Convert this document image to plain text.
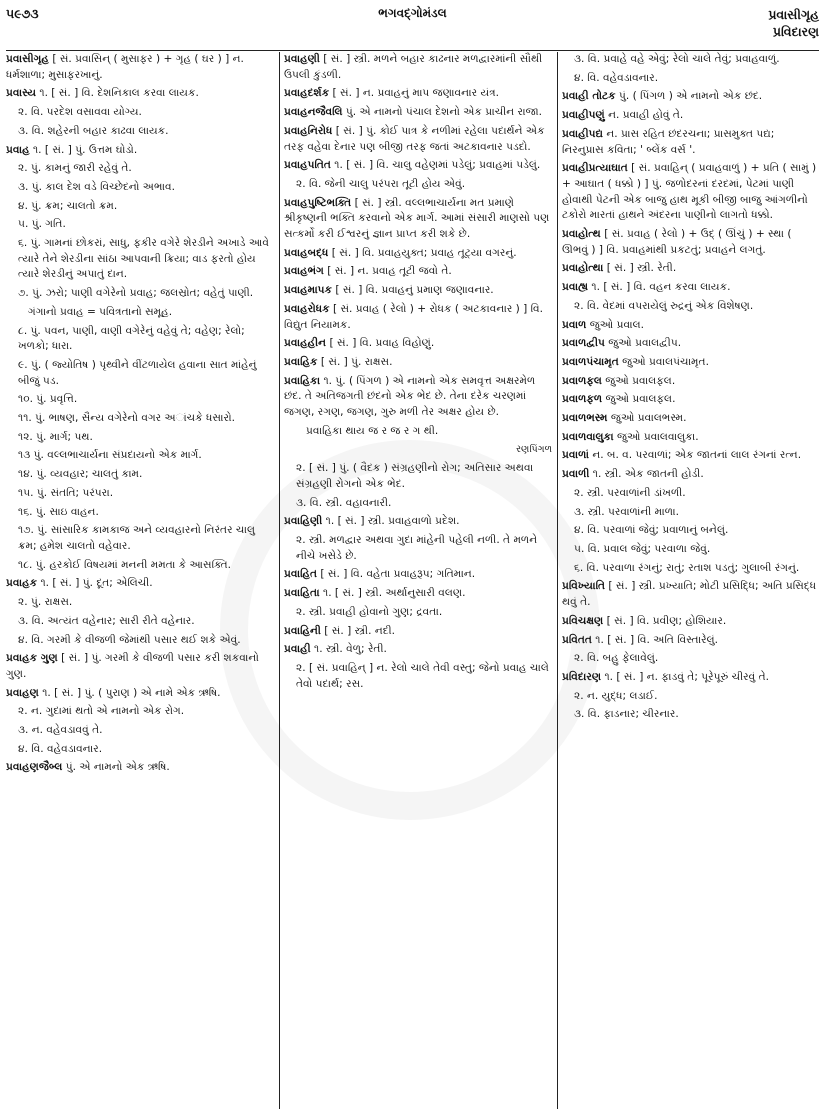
૫૯૭૩	ભગવદ્ગોમંડલ	પ્રવાસીગૃહ
પ્રવિદારણ
પ્રવાસીગૃહ [ સં. પ્રવાસિન્ ( મુસાફર ) + ગૃહ ( ઘર ) ] ન. ધર્મશાળા; મુસાફરખાનું.
પ્રવાસ્ય ૧. [ સં. ] વિ. દેશનિકાલ કરવા લાયક.
૨. વિ. પરદેશ વસાવવા યોગ્ય.
૩. વિ. શહેરની બહાર કાઢવા લાયક.
પ્રવાહ ૧. [ સં. ] પું. ઉત્તમ ઘોડો.
૨. પું. કામનું જારી રહેવું તે.
૩. પું. કાલ દેશ વડે વિચ્છેદનો અભાવ.
૪. પું. ક્રમ; ચાલતો ક્રમ.
૫. પું. ગતિ.
૬. પું. ગામનાં છોકરાં, સાધુ, ફકીર વગેરે શેરડીને અખાડે આવે ત્યારે તેને શેરડીના સાંઠા આપવાની ક્રિયા; વાડ ફરતો હોય ત્યારે શેરડીનું અપાતું દાન.
૭. પું. ઝરો; પાણી વગેરેનો પ્રવાહ; જલસ્રોત; વહેતું પાણી.
ગંગાનો પ્રવાહ = પવિત્રતાનો સમૂહ.
૮. પું. પવન, પાણી, વાણી વગેરેનું વહેવું તે; વહેણ; રેલો; ખળકો; ધારા.
૯. પું. ( જ્યોતિષ ) પૃથ્વીને વીંટળાયેલ હવાના સાત માંહેનું બીજું પડ.
૧૦. પું. પ્રવૃત્તિ.
૧૧. પું. ભાષણ, સૈન્ય વગેરેનો વગર અાંચકે ધસારો.
૧૨. પું. માર્ગ; પથ.
૧૩ પું. વલ્લભાચાર્યના સંપ્રદાયનો એક માર્ગ.
૧૪. પું. વ્યવહાર; ચાલતું કામ.
૧૫. પું. સંતતિ; પરંપરા.
૧૬. પું. સાઇ વાહન.
૧૭. પું. સાંસારિક કામકાજ અને વ્યવહારનો નિરંતર ચાલુ ક્રમ; હમેશ ચાલતો વહેવાર.
૧૮. પું. હરકોઈ વિષયમાં મનની મમતા કે આસક્તિ.
પ્રવાહક ૧. [ સં. ] પું. દૂત; એલિચી.
૨. પું. રાક્ષસ.
૩. વિ. અત્યંત વહેનાર; સારી રીતે વહેનાર.
૪. વિ. ગરમી કે વીજળી જેમાંથી પસાર થઈ શકે એવું.
પ્રવાહક ગુણ [ સં. ] પું. ગરમી કે વીજળી પસાર કરી શકવાનો ગુણ.
પ્રવાહણ ૧. [ સં. ] પું. ( પુરાણ ) એ નામે એક ઋષિ.
૨. ન. ગુદામાં થતો એ નામનો એક રોગ.
૩. ન. વહેવડાવવું તે.
૪. વિ. વહેવડાવનાર.
પ્રવાહણજૈબ્લ પું. એ નામનો એક ઋષિ.
પ્રવાહણી [ સં. ] સ્ત્રી. મળને બહાર કાઢનાર મળદ્વારમાંની સૌથી ઉપલી કુંડળી.
પ્રવાહદર્શક [ સં. ] ન. પ્રવાહનું માપ જણાવનાર યંત્ર.
પ્રવાહનજૈવલિ પું. એ નામનો પંચાલ દેશનો એક પ્રાચીન રાજા.
પ્રવાહનિરોધ [ સં. ] પું. કોઈ પાત્ર કે નળીમાં રહેલા પદાર્થને એક તરફ વહેવા દેનાર પણ બીજી તરફ જતાં અટકાવનાર પડદો.
પ્રવાહપતિત ૧. [ સં. ] વિ. ચાલુ વહેણમાં પડેલું; પ્રવાહમાં પડેલું.
૨. વિ. જેની ચાલુ પરંપરા તૂટી હોય એવું.
પ્રવાહપુષ્ટિભક્તિ [ સં. ] સ્ત્રી. વલ્લભાચાર્યના મત પ્રમાણે શ્રીકૃષ્ણની ભક્તિ કરવાનો એક માર્ગ. આમાં સંસારી માણસો પણ સત્કર્મો કરી ઈશ્વરનું જ્ઞાન પ્રાપ્ત કરી શકે છે.
પ્રવાહબદ્ધ [ સં. ] વિ. પ્રવાહયુક્ત; પ્રવાહ તૂટ્યા વગરનું.
પ્રવાહભંગ [ સં. ] ન. પ્રવાહ તૂટી જવો તે.
પ્રવાહમાપક [ સં. ] વિ. પ્રવાહનું પ્રમાણ જણાવનાર.
પ્રવાહરોધક [ સં. પ્રવાહ ( રેલો ) + રોધક ( અટકાવનાર ) ] વિ. વિદ્યુત નિયામક.
પ્રવાહહીન [ સં. ] વિ. પ્રવાહ વિહોણું.
પ્રવાહિક [ સં. ] પું. રાક્ષસ.
પ્રવાહિકા ૧. પું. ( પિંગળ ) એ નામનો એક સમવૃત્ત અક્ષરમેળ છંદ. તે અતિજગતી છંદનો એક ભેદ છે. તેના દરેક ચરણમાં જગણ, રગણ, જગણ, ગુરુ મળી તેર અક્ષર હોય છે.
પ્રવાહિકા થાય જ ર જ ર ગ થી.
રણપિંગળ
૨. [ સં. ] પું. ( વૈદક ) સંગ્રહણીનો રોગ; અતિસાર અથવા સંગ્રહણી રોગનો એક ભેદ.
૩. વિ. સ્ત્રી. વહાવનારી.
પ્રવાહિણી ૧. [ સં. ] સ્ત્રી. પ્રવાહવાળો પ્રદેશ.
૨. સ્ત્રી. મળદ્વાર અથવા ગુદા માંહેની પહેલી નળી. તે મળને નીચે ખસેડે છે.
પ્રવાહિત [ સં. ] વિ. વહેતા પ્રવાહરૂપ; ગતિમાન.
પ્રવાહિતા ૧. [ સં. ] સ્ત્રી. અર્થાનુસારી વલણ.
૨. સ્ત્રી. પ્રવાહી હોવાનો ગુણ; દ્રવતા.
પ્રવાહિની [ સં. ] સ્ત્રી. નદી.
પ્રવાહી ૧. સ્ત્રી. વેળુ; રેતી.
૨. [ સં. પ્રવાહિન્ ] ન. રેલો ચાલે તેવી વસ્તુ; જેનો પ્રવાહ ચાલે તેવો પદાર્થ; રસ.
૩. વિ. પ્રવાહે વહે એવું; રેલો ચાલે તેવું; પ્રવાહવાળું.
૪. વિ. વહેવડાવનાર.
પ્રવાહી તોટક પું. ( પિંગળ ) એ નામનો એક છંદ.
પ્રવાહીપણું ન. પ્રવાહી હોવું તે.
પ્રવાહીપદ્ય ન. પ્રાસ રહિત છંદરચના; પ્રાસમુક્ત પદ્ય; નિરનુપ્રાસ કવિતા; ' બ્લેંક વર્સ '.
પ્રવાહીપ્રત્યાઘાત [ સં. પ્રવાહિન્ ( પ્રવાહવાળું ) + પ્રતિ ( સામું ) + આઘાત ( ધક્કો ) ] પું. જળોદરનાં દરદમાં, પેટમાં પાણી હોવાથી પેટની એક બાજુ હાથ મૂકી બીજી બાજુ આંગળીનો ટકોરો મારતાં હાથને અંદરના પાણીનો લાગતો ધક્કો.
પ્રવાહોત્થ [ સં. પ્રવાહ ( રેલો ) + ઉદ્ ( ઊંચું ) + સ્થા ( ઊભવું ) ] વિ. પ્રવાહમાંથી પ્રકટતું; પ્રવાહને લગતું.
પ્રવાહોત્થા [ સં. ] સ્ત્રી. રેતી.
પ્રવાહ્ય ૧. [ સં. ] વિ. વહન કરવા લાયક.
૨. વિ. વેદમાં વપરાયેલું રુદ્રનું એક વિશેષણ.
પ્રવાળ જુઓ પ્રવાલ.
પ્રવાળદ્વીપ જુઓ પ્રવાલદ્વીપ.
પ્રવાળપંચામૃત જુઓ પ્રવાલપંચામૃત.
પ્રવાળફલ જુઓ પ્રવાલફલ.
પ્રવાળફળ જુઓ પ્રવાલફલ.
પ્રવાળભસ્મ જુઓ પ્રવાલભસ્મ.
પ્રવાળવાલુકા જુઓ પ્રવાલવાલુકા.
પ્રવાળાં ન. બ. વ. પરવાળાં; એક જાતનાં લાલ રંગનાં રત્ન.
પ્રવાળી ૧. સ્ત્રી. એક જાતની હોડી.
૨. સ્ત્રી. પરવાળાંની ડાંખળી.
૩. સ્ત્રી. પરવાળાંની માળા.
૪. વિ. પરવાળાં જેવું; પ્રવાળાનું બનેલું.
૫. વિ. પ્રવાલ જેવું; પરવાળા જેવું.
૬. વિ. પરવાળા રંગનું; રાતું; રતાશ પડતું; ગુલાબી રંગનું.
પ્રવિખ્યાતિ [ સં. ] સ્ત્રી. પ્રખ્યાતિ; મોટી પ્રસિદ્ધિ; અતિ પ્રસિદ્ધ થવું તે.
પ્રવિચક્ષણ [ સં. ] વિ. પ્રવીણ; હોશિયાર.
પ્રવિતત ૧. [ સં. ] વિ. અતિ વિસ્તારેલું.
૨. વિ. બહુ ફેલાવેલું.
પ્રવિદારણ ૧. [ સં. ] ન. ફાડવું તે; પૂરેપૂરું ચીરવું તે.
૨. ન. યુદ્ધ; લડાઈ.
૩. વિ. ફાડનાર; ચીરનાર.
